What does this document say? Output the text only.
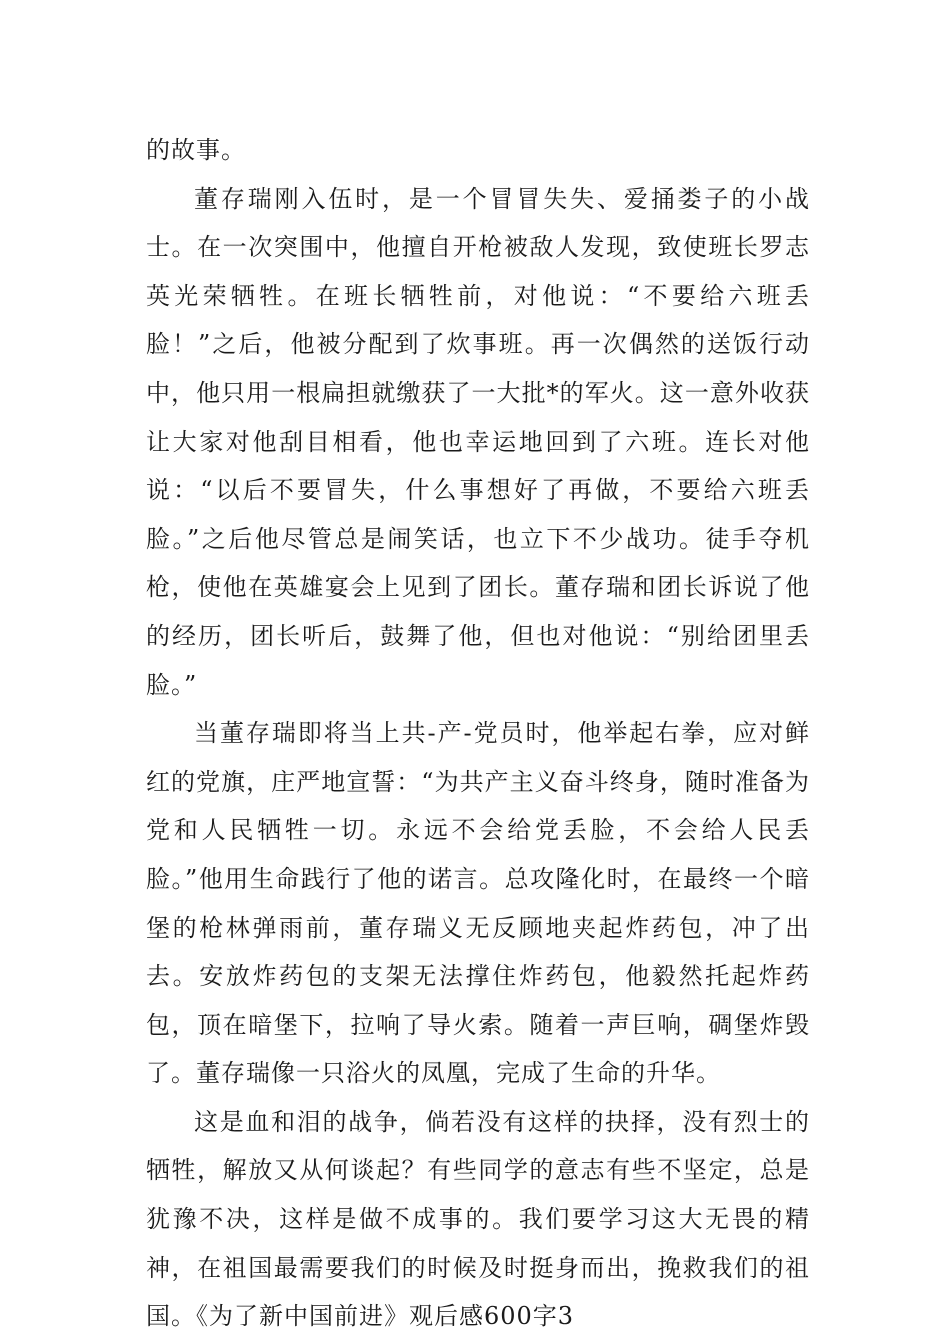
的故事。

董存瑞刚入伍时，是一个冒冒失失、爱捅娄子的小战士。在一次突围中，他擅自开枪被敌人发现，致使班长罗志英光荣牺牲。在班长牺牲前，对他说：“不要给六班丢脸！”之后，他被分配到了炊事班。再一次偶然的送饭行动中，他只用一根扁担就缴获了一大批*的军火。这一意外收获让大家对他刮目相看，他也幸运地回到了六班。连长对他说：“以后不要冒失，什么事想好了再做，不要给六班丢脸。”之后他尽管总是闹笑话，也立下不少战功。徒手夺机枪，使他在英雄宴会上见到了团长。董存瑞和团长诉说了他的经历，团长听后，鼓舞了他，但也对他说：“别给团里丢脸。”

当董存瑞即将当上共-产-党员时，他举起右拳，应对鲜红的党旗，庄严地宣誓：“为共产主义奋斗终身，随时准备为党和人民牺牲一切。永远不会给党丢脸，不会给人民丢脸。”他用生命践行了他的诺言。总攻隆化时，在最终一个暗堡的枪林弹雨前，董存瑞义无反顾地夹起炸药包，冲了出去。安放炸药包的支架无法撑住炸药包，他毅然托起炸药包，顶在暗堡下，拉响了导火索。随着一声巨响，碉堡炸毁了。董存瑞像一只浴火的凤凰，完成了生命的升华。

这是血和泪的战争，倘若没有这样的抉择，没有烈士的牺牲，解放又从何谈起？有些同学的意志有些不坚定，总是犹豫不决，这样是做不成事的。我们要学习这大无畏的精神，在祖国最需要我们的时候及时挺身而出，挽救我们的祖国。《为了新中国前进》观后感600字3
